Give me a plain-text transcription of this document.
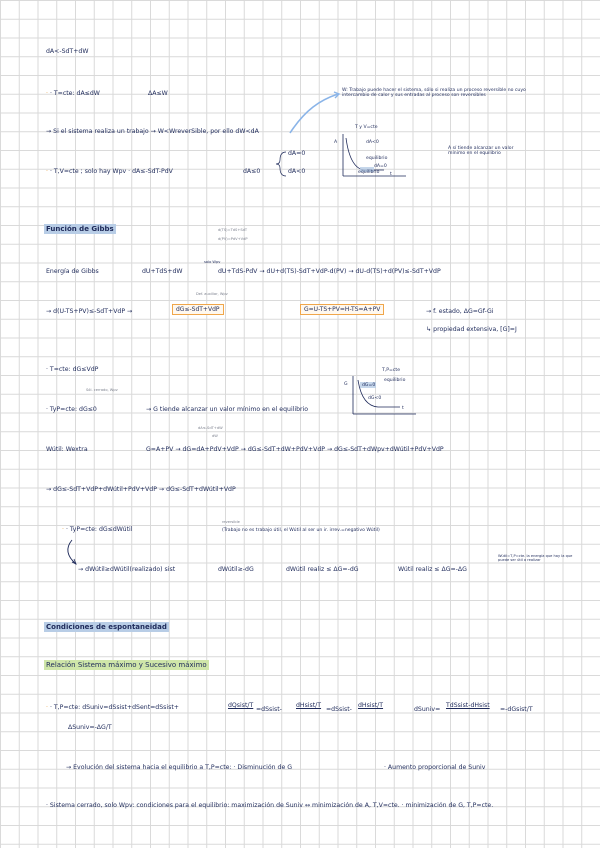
dA<-SdT+dW
· · T=cte: dA≤dW	ΔA≤W	W: Trabajo puede hacer el sistema, sólo si realiza un proceso reversible no cuyo intercambio de calor y sus entradas al proceso son reversibles
→ Si el sistema realiza un trabajo → W<WreverSible, por ello dW<dA
T y V=cte
A	dA<0
equilibrio
dA=0
t
equilibrio
A sí tiende alcanzar un valor mínimo en el equilibrio
· · T,V=cte ; solo hay Wpv · dA≤-SdT-PdV	dA≤0
dA=0
dA<0
Función de Gibbs	d(TS)=TdS+SdT
d(PV)=PdV+VdP
Energía de Gibbs	dU+TdS+dW
solo Wpv
dU+TdS-PdV → dU+d(TS)-SdT+VdP-d(PV) → dU-d(TS)+d(PV)≤-SdT+VdP
Def. auxiliar, Wpv
→ d(U-TS+PV)≤-SdT+VdP →	dG≤-SdT+VdP	G=U-TS+PV=H-TS=A+PV	→ f. estado, ΔG=Gf-Gi
↳ propiedad extensiva, [G]=J
· T=cte: dG≤VdP
Sól. cerrado, Wpv
· TyP=cte: dG≤0	→ G tiende alcanzar un valor mínimo en el equilibrio
T,P=cte
G	dG=0
equilibrio
dG<0
t
dA≤-SdT+dW
dW
Wútil: Wextra	G=A+PV → dG=dA+PdV+VdP → dG≤-SdT+dW+PdV+VdP → dG≤-SdT+dWpv+dWútil+PdV+VdP
→ dG≤-SdT+VdP+dWútil+PdV+VdP → dG≤-SdT+dWútil+VdP
reversible
· · TyP=cte: dG≤dWútil	(Trabajo no es trabajo útil, el Wútil al ser un ir. irrev.=negativo Wútil)
→ dWútil≥dWútil(realizado) sist	dWútil≥-dG	dWútil realiz ≤ ΔG=-dG	Wútil realiz ≤ ΔG=-ΔG
Wútil=T,P=cte. la energía que hay la que puede ser útil a realizar
Condiciones de espontaneidad
Relación Sistema máximo y Sucesivo máximo
· · T,P=cte: dSuniv=dSsist+dSent=dSsist+	dQsist/T
=dSsist-
dHsist/T
=dSsist-
dHsist/T
dSuniv=
TdSsist-dHsist
=-dGsist/T
ΔSuniv=-ΔG/T
→ Evolución del sistema hacia el equilibrio a T,P=cte: · Disminución de G	· Aumento proporcional de Suniv
· Sistema cerrado, solo Wpv: condiciones para el equilibrio: maximización de Suniv ↔ minimización de A, T,V=cte. · minimización de G, T,P=cte.
